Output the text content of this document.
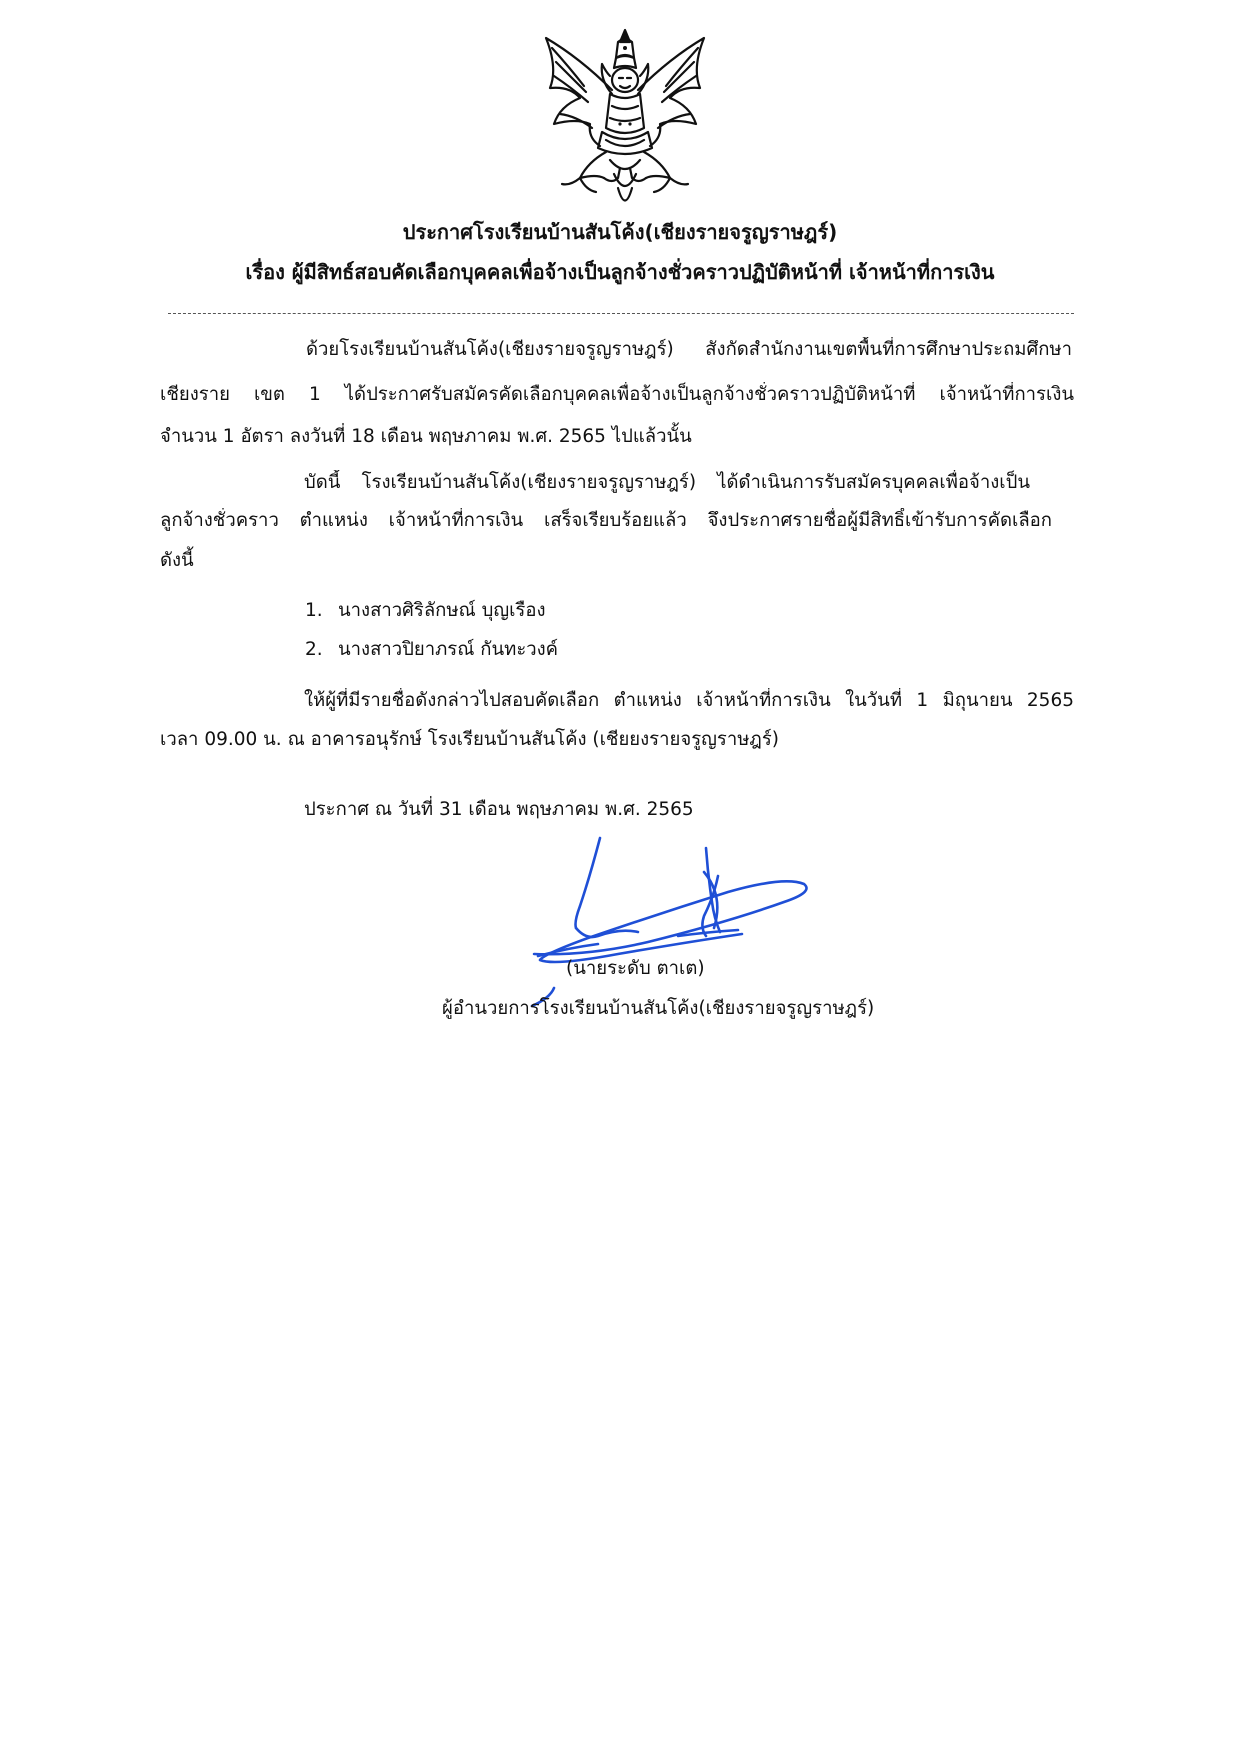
ประกาศโรงเรียนบ้านสันโค้ง(เชียงรายจรูญราษฎร์)
เรื่อง ผู้มีสิทธ์สอบคัดเลือกบุคคลเพื่อจ้างเป็นลูกจ้างชั่วคราวปฏิบัติหน้าที่ เจ้าหน้าที่การเงิน
ด้วยโรงเรียนบ้านสันโค้ง(เชียงรายจรูญราษฎร์) สังกัดสำนักงานเขตพื้นที่การศึกษาประถมศึกษา
เชียงราย เขต 1 ได้ประกาศรับสมัครคัดเลือกบุคคลเพื่อจ้างเป็นลูกจ้างชั่วคราวปฏิบัติหน้าที่ เจ้าหน้าที่การเงิน
จำนวน 1 อัตรา ลงวันที่ 18 เดือน พฤษภาคม พ.ศ. 2565 ไปแล้วนั้น
บัดนี้ โรงเรียนบ้านสันโค้ง(เชียงรายจรูญราษฎร์) ได้ดำเนินการรับสมัครบุคคลเพื่อจ้างเป็น
ลูกจ้างชั่วคราว ตำแหน่ง เจ้าหน้าที่การเงิน เสร็จเรียบร้อยแล้ว จึงประกาศรายชื่อผู้มีสิทธิ์เข้ารับการคัดเลือก
ดังนี้
1. นางสาวศิริลักษณ์ บุญเรือง
2. นางสาวปิยาภรณ์ กันทะวงค์
ให้ผู้ที่มีรายชื่อดังกล่าวไปสอบคัดเลือก ตำแหน่ง เจ้าหน้าที่การเงิน ในวันที่ 1 มิถุนายน 2565
เวลา 09.00 น. ณ อาคารอนุรักษ์ โรงเรียนบ้านสันโค้ง (เชียยงรายจรูญราษฎร์)
ประกาศ ณ วันที่ 31 เดือน พฤษภาคม พ.ศ. 2565
(นายระดับ ตาเต)
ผู้อำนวยการโรงเรียนบ้านสันโค้ง(เชียงรายจรูญราษฎร์)
